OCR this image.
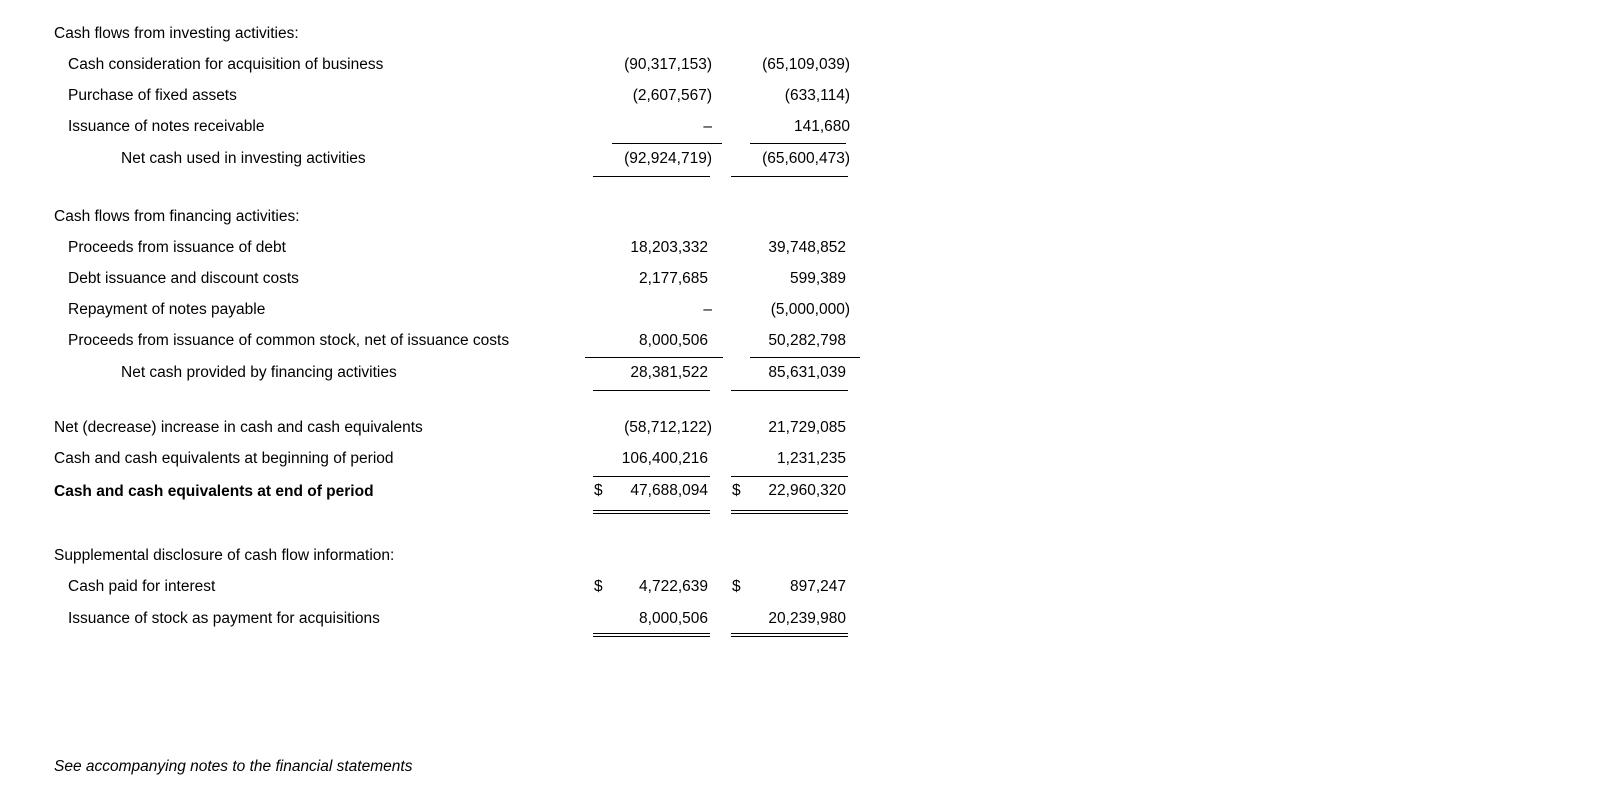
Cash flows from investing activities:
Cash consideration for acquisition of business	(90,317,153)	(65,109,039)
Purchase of fixed assets	(2,607,567)	(633,114)
Issuance of notes receivable	–	141,680
Net cash used in investing activities	(92,924,719)	(65,600,473)
Cash flows from financing activities:
Proceeds from issuance of debt	18,203,332	39,748,852
Debt issuance and discount costs	2,177,685	599,389
Repayment of notes payable	–	(5,000,000)
Proceeds from issuance of common stock, net of issuance costs	8,000,506	50,282,798
Net cash provided by financing activities	28,381,522	85,631,039
Net (decrease) increase in cash and cash equivalents	(58,712,122)	21,729,085
Cash and cash equivalents at beginning of period	106,400,216	1,231,235
Cash and cash equivalents at end of period	$ 47,688,094 $ 22,960,320
Supplemental disclosure of cash flow information:
Cash paid for interest	$ 4,722,639 $	897,247
Issuance of stock as payment for acquisitions	8,000,506	20,239,980
See accompanying notes to the financial statements
